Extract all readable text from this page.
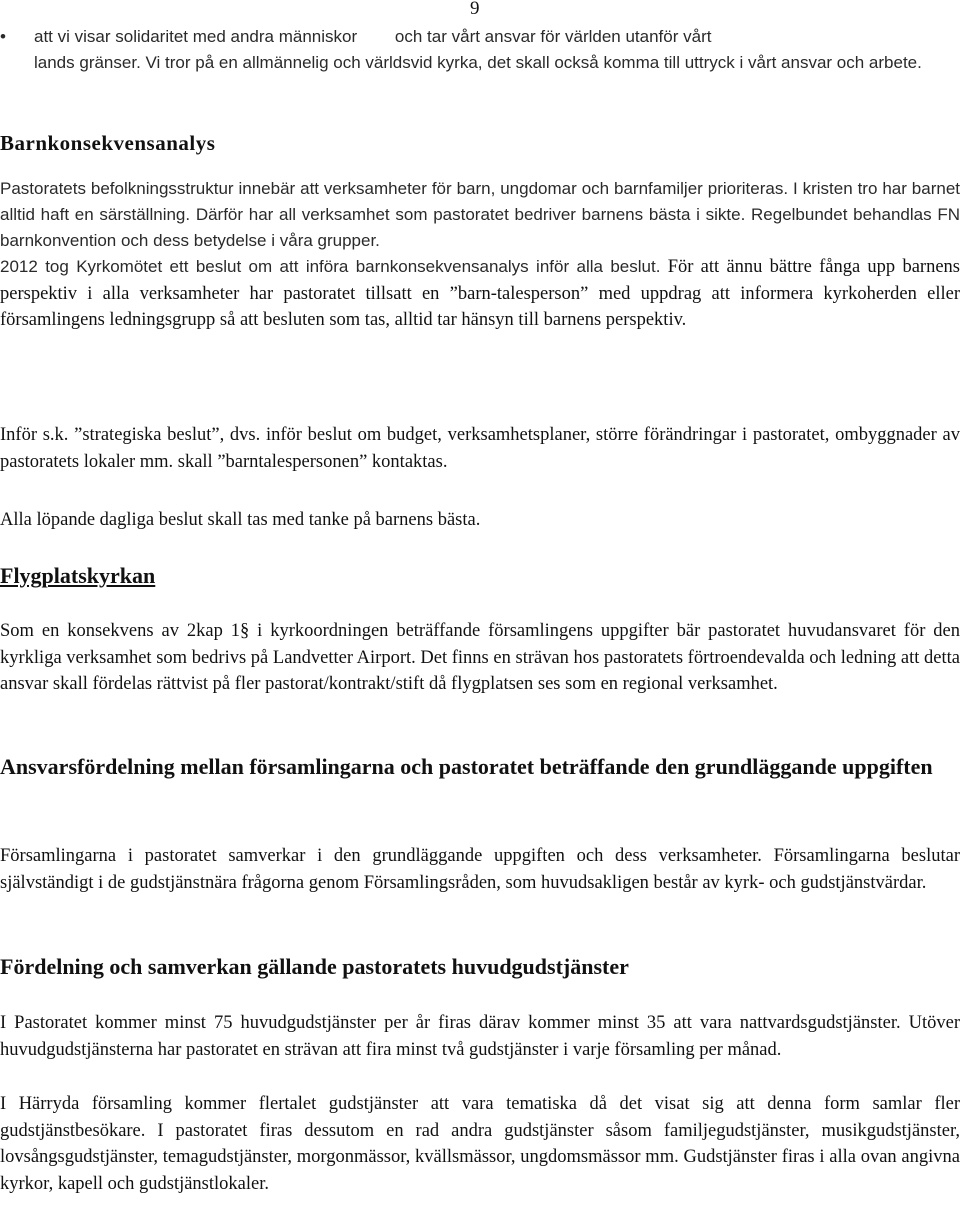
9
• att vi visar solidaritet med andra människor        och tar vårt ansvar för världen utanför vårt

lands gränser. Vi tror på en allmännelig och världsvid kyrka, det skall också komma till uttryck i vårt ansvar och arbete.

Barnkonsekvensanalys

Pastoratets befolkningsstruktur innebär att verksamheter för barn, ungdomar och barnfamiljer prioriteras. I kristen tro har barnet alltid haft en särställning. Därför har all verksamhet som pastoratet bedriver barnens bästa i sikte. Regelbundet behandlas FN barnkonvention och dess betydelse i våra grupper.

2012 tog Kyrkomötet ett beslut om att införa barnkonsekvensanalys inför alla beslut. För att ännu bättre fånga upp barnens perspektiv i alla verksamheter har pastoratet tillsatt en ”barn-talesperson” med uppdrag att informera kyrkoherden eller församlingens ledningsgrupp så att besluten som tas, alltid tar hänsyn till barnens perspektiv.

Inför s.k. ”strategiska beslut”, dvs. inför beslut om budget, verksamhetsplaner, större förändringar i pastoratet, ombyggnader av pastoratets lokaler mm. skall ”barntalespersonen” kontaktas.
Alla löpande dagliga beslut skall tas med tanke på barnens bästa.
Flygplatskyrkan
Som en konsekvens av 2kap 1§ i kyrkoordningen beträffande församlingens uppgifter bär pastoratet huvudansvaret för den kyrkliga verksamhet som bedrivs på Landvetter Airport. Det finns en strävan hos pastoratets förtroendevalda och ledning att detta ansvar skall fördelas rättvist på fler pastorat/kontrakt/stift då flygplatsen ses som en regional verksamhet.
Ansvarsfördelning mellan församlingarna och pastoratet beträffande den grundläggande uppgiften
Församlingarna i pastoratet samverkar i den grundläggande uppgiften och dess verksamheter. Församlingarna beslutar självständigt i de gudstjänstnära frågorna genom Församlingsråden, som huvudsakligen består av kyrk- och gudstjänstvärdar.
Fördelning och samverkan gällande pastoratets huvudgudstjänster
I Pastoratet kommer minst 75 huvudgudstjänster per år firas därav kommer minst 35 att vara nattvardsgudstjänster. Utöver huvudgudstjänsterna har pastoratet en strävan att fira minst två gudstjänster i varje församling per månad.
I Härryda församling kommer flertalet gudstjänster att vara tematiska då det visat sig att denna form samlar fler gudstjänstbesökare. I pastoratet firas dessutom en rad andra gudstjänster såsom familjegudstjänster, musikgudstjänster, lovsångsgudstjänster, temagudstjänster, morgonmässor, kvällsmässor, ungdomsmässor mm. Gudstjänster firas i alla ovan angivna kyrkor, kapell och gudstjänstlokaler.
